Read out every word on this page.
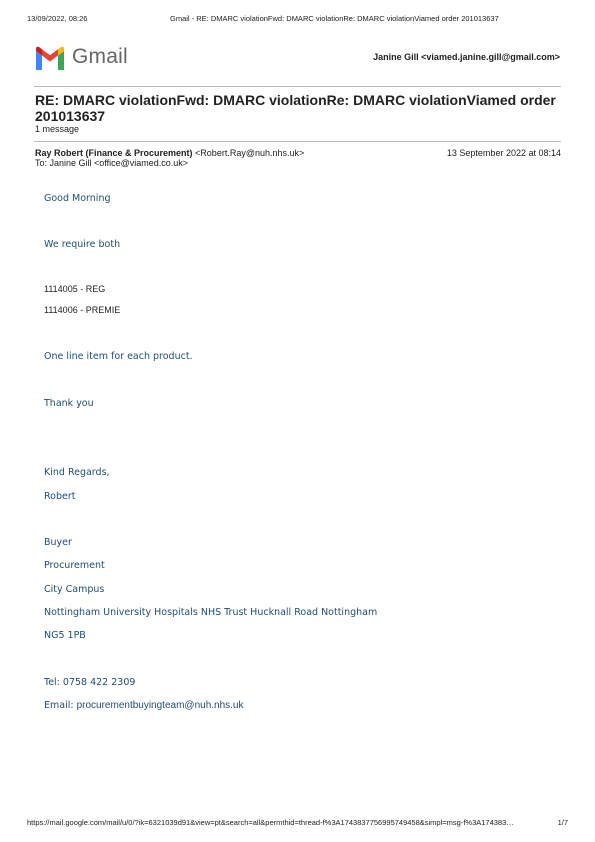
13/09/2022, 08:26	Gmail - RE: DMARC violationFwd: DMARC violationRe: DMARC violationViamed order 201013637
Gmail	Janine Gill <viamed.janine.gill@gmail.com>
RE: DMARC violationFwd: DMARC violationRe: DMARC violationViamed order 201013637
1 message
Ray Robert (Finance & Procurement) <Robert.Ray@nuh.nhs.uk>	13 September 2022 at 08:14
To: Janine Gill <office@viamed.co.uk>
Good Morning
We require both
1114005 - REG
1114006 - PREMIE
One line item for each product.
Thank you
Kind Regards,
Robert
Buyer
Procurement
City Campus
Nottingham University Hospitals NHS Trust Hucknall Road Nottingham
NG5 1PB
Tel: 0758 422 2309
Email: procurementbuyingteam@nuh.nhs.uk
https://mail.google.com/mail/u/0/?ik=6321039d91&view=pt&search=all&permthid=thread-f%3A1743837756995749458&simpl=msg-f%3A174383…	1/7
